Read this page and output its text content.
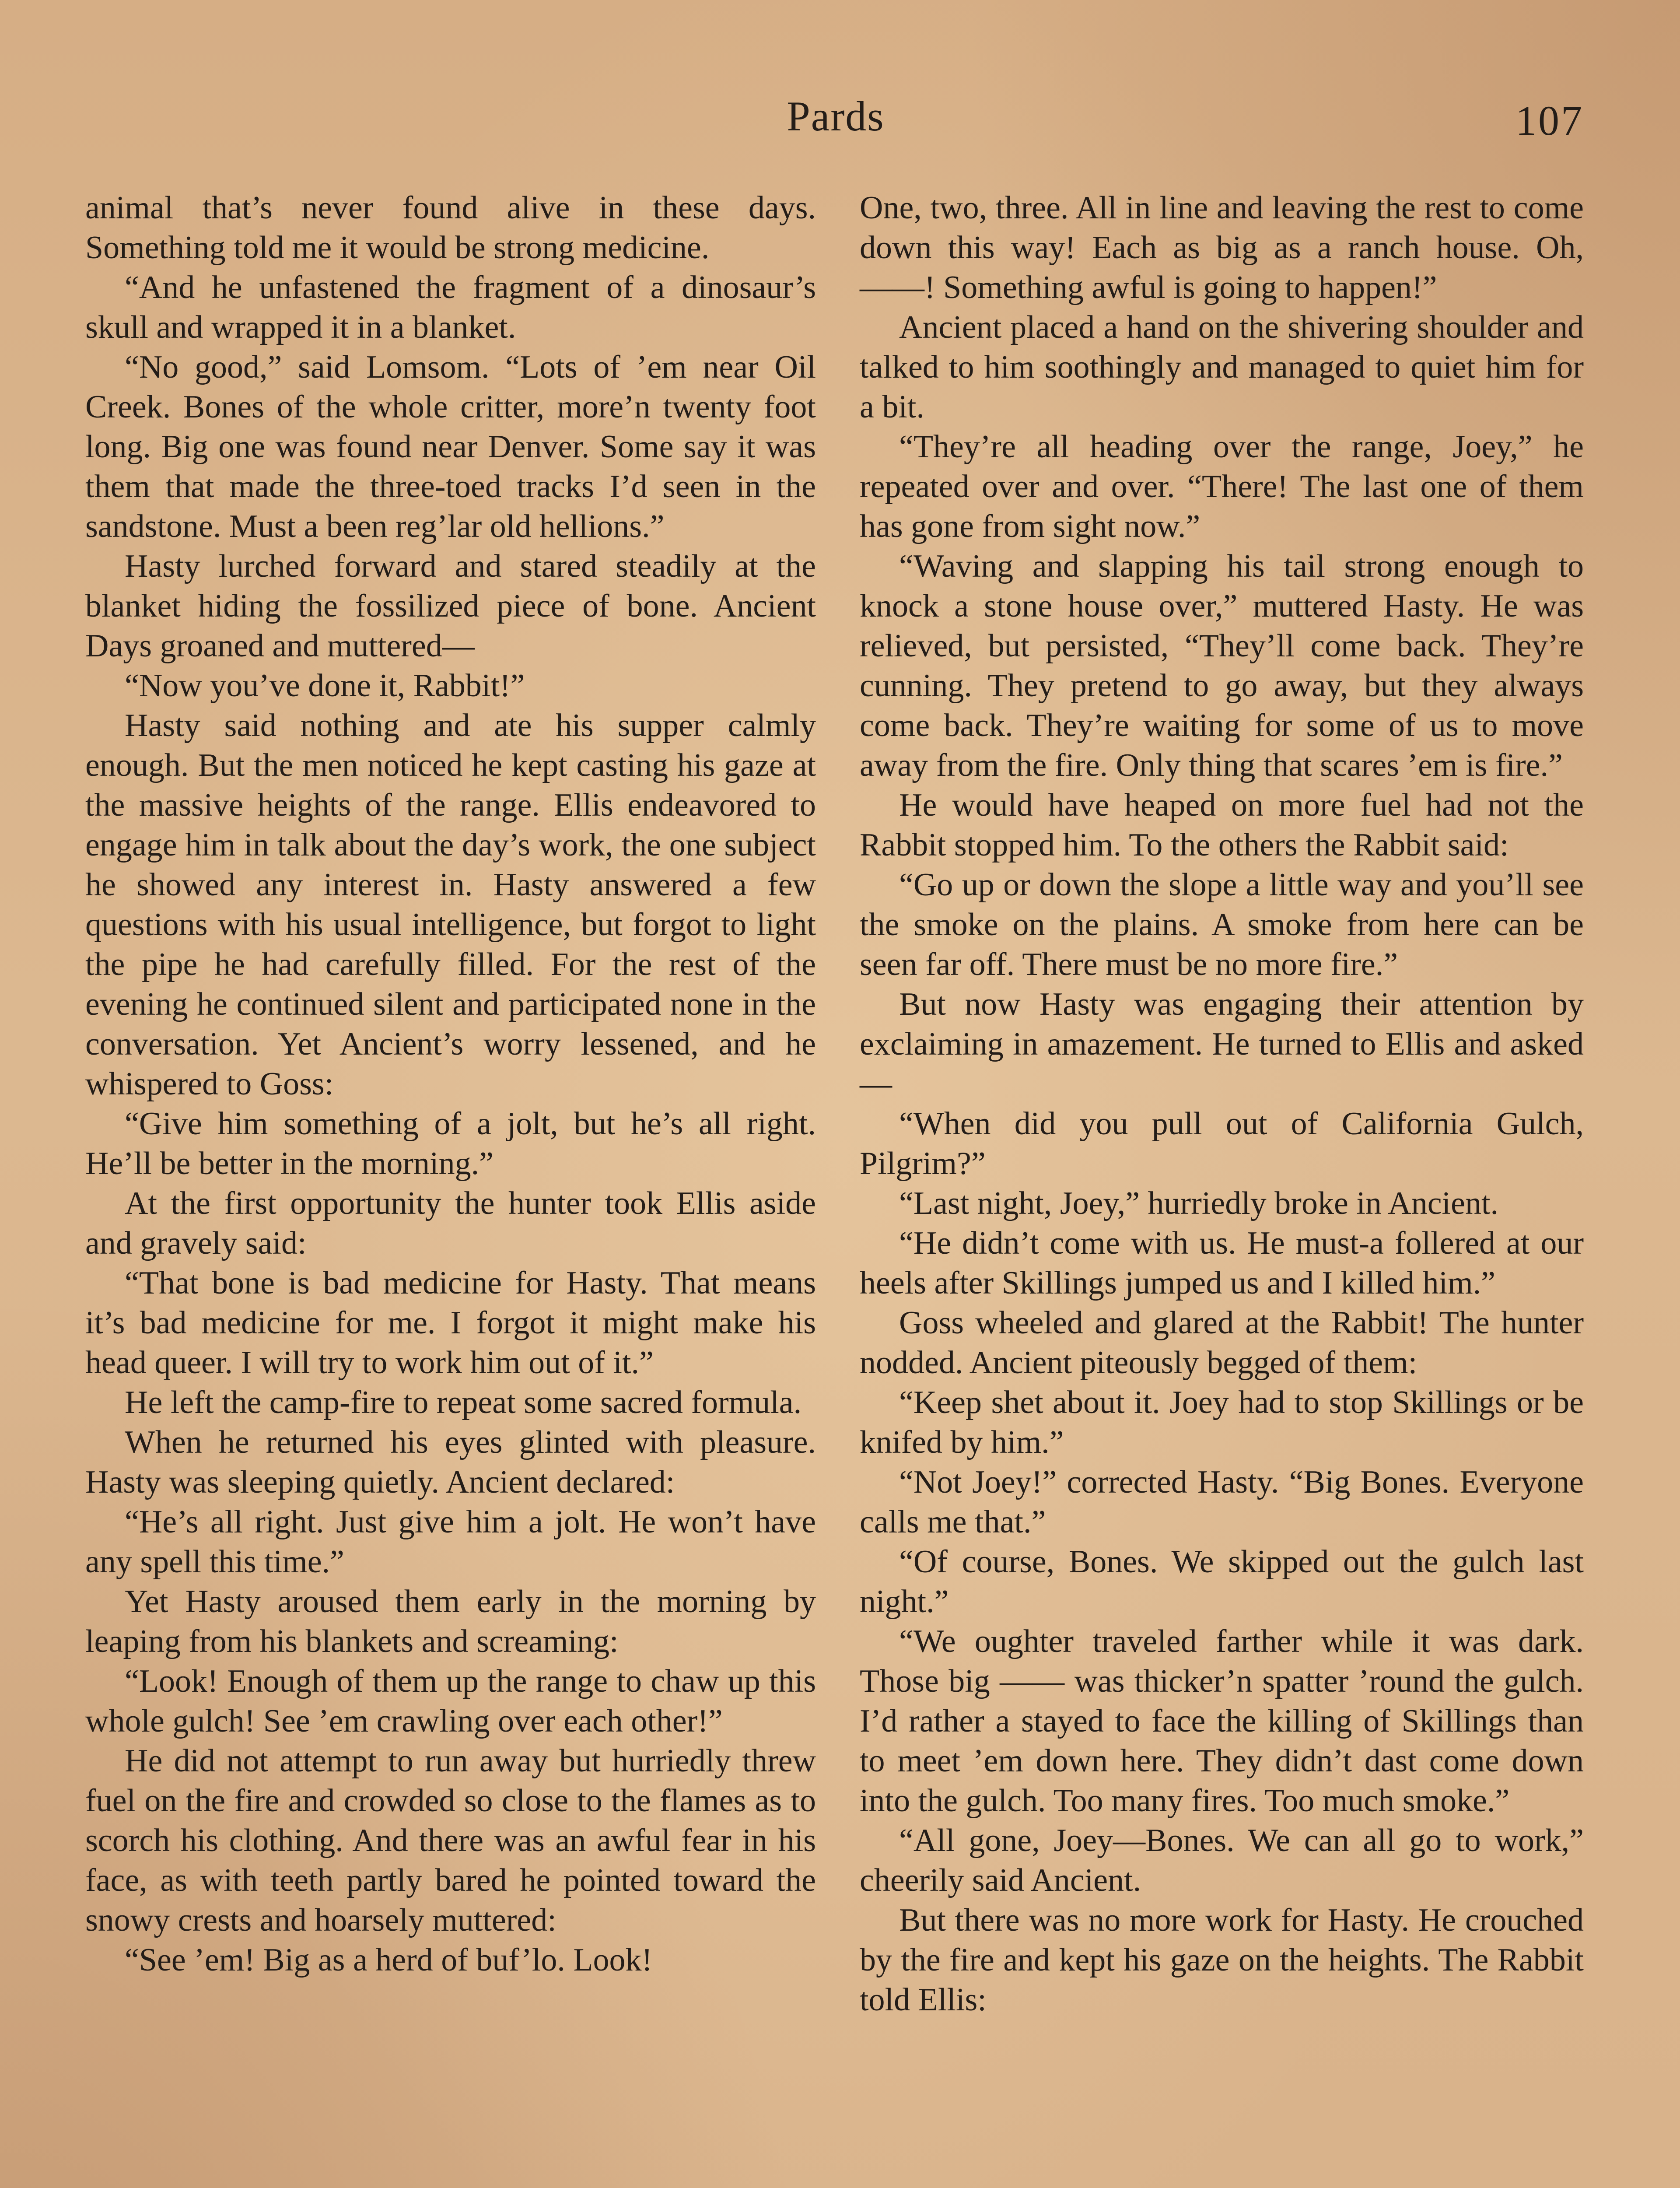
Pards	107

animal that’s never found alive in these days. Something told me it would be strong medicine.

“And he unfastened the fragment of a dinosaur’s skull and wrapped it in a blanket.

“No good,” said Lomsom. “Lots of ’em near Oil Creek. Bones of the whole critter, more’n twenty foot long. Big one was found near Denver. Some say it was them that made the three-toed tracks I’d seen in the sandstone. Must a been reg’lar old hellions.”

Hasty lurched forward and stared steadily at the blanket hiding the fossilized piece of bone. Ancient Days groaned and muttered—

“Now you’ve done it, Rabbit!”

Hasty said nothing and ate his supper calmly enough. But the men noticed he kept casting his gaze at the massive heights of the range. Ellis endeavored to engage him in talk about the day’s work, the one subject he showed any interest in. Hasty answered a few questions with his usual intelligence, but forgot to light the pipe he had carefully filled. For the rest of the evening he continued silent and participated none in the conversation. Yet Ancient’s worry lessened, and he whispered to Goss:

“Give him something of a jolt, but he’s all right. He’ll be better in the morning.”

At the first opportunity the hunter took Ellis aside and gravely said:

“That bone is bad medicine for Hasty. That means it’s bad medicine for me. I forgot it might make his head queer. I will try to work him out of it.”

He left the camp-fire to repeat some sacred formula.

When he returned his eyes glinted with pleasure. Hasty was sleeping quietly. Ancient declared:

“He’s all right. Just give him a jolt. He won’t have any spell this time.”

Yet Hasty aroused them early in the morning by leaping from his blankets and screaming:

“Look! Enough of them up the range to chaw up this whole gulch! See ’em crawling over each other!”

He did not attempt to run away but hurriedly threw fuel on the fire and crowded so close to the flames as to scorch his clothing. And there was an awful fear in his face, as with teeth partly bared he pointed toward the snowy crests and hoarsely muttered:

“See ’em! Big as a herd of buf’lo. Look!

One, two, three. All in line and leaving the rest to come down this way! Each as big as a ranch house. Oh, ——! Something awful is going to happen!”

Ancient placed a hand on the shivering shoulder and talked to him soothingly and managed to quiet him for a bit.

“They’re all heading over the range, Joey,” he repeated over and over. “There! The last one of them has gone from sight now.”

“Waving and slapping his tail strong enough to knock a stone house over,” muttered Hasty. He was relieved, but persisted, “They’ll come back. They’re cunning. They pretend to go away, but they always come back. They’re waiting for some of us to move away from the fire. Only thing that scares ’em is fire.”

He would have heaped on more fuel had not the Rabbit stopped him. To the others the Rabbit said:

“Go up or down the slope a little way and you’ll see the smoke on the plains. A smoke from here can be seen far off. There must be no more fire.”

But now Hasty was engaging their attention by exclaiming in amazement. He turned to Ellis and asked—

“When did you pull out of California Gulch, Pilgrim?”

“Last night, Joey,” hurriedly broke in Ancient.

“He didn’t come with us. He must-a follered at our heels after Skillings jumped us and I killed him.”

Goss wheeled and glared at the Rabbit! The hunter nodded. Ancient piteously begged of them:

“Keep shet about it. Joey had to stop Skillings or be knifed by him.”

“Not Joey!” corrected Hasty. “Big Bones. Everyone calls me that.”

“Of course, Bones. We skipped out the gulch last night.”

“We oughter traveled farther while it was dark. Those big —— was thicker’n spatter ’round the gulch. I’d rather a stayed to face the killing of Skillings than to meet ’em down here. They didn’t dast come down into the gulch. Too many fires. Too much smoke.”

“All gone, Joey—Bones. We can all go to work,” cheerily said Ancient.

But there was no more work for Hasty. He crouched by the fire and kept his gaze on the heights. The Rabbit told Ellis:
